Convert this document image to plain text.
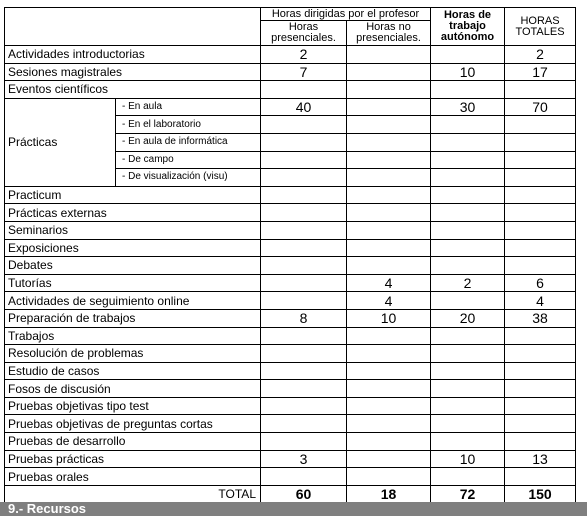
		Horas dirigidas por el profesor		Horas de trabajo autónomo	HORAS TOTALES
		Horas presenciales.	Horas no presenciales.		
Actividades introductorias		2			2
Sesiones magistrales		7		10	17
Eventos científicos					
Prácticas	- En aula	40		30	70
	- En el laboratorio				
	- En aula de informática				
	- De campo				
	- De visualización (visu)				
Practicum					
Prácticas externas					
Seminarios					
Exposiciones					
Debates					
Tutorías			4	2	6
Actividades de seguimiento online			4		4
Preparación de trabajos		8	10	20	38
Trabajos					
Resolución de problemas					
Estudio de casos					
Fosos de discusión					
Pruebas objetivas tipo test					
Pruebas objetivas de preguntas cortas					
Pruebas de desarrollo					
Pruebas prácticas		3		10	13
Pruebas orales					
TOTAL		60	18	72	150
9.- Recursos
